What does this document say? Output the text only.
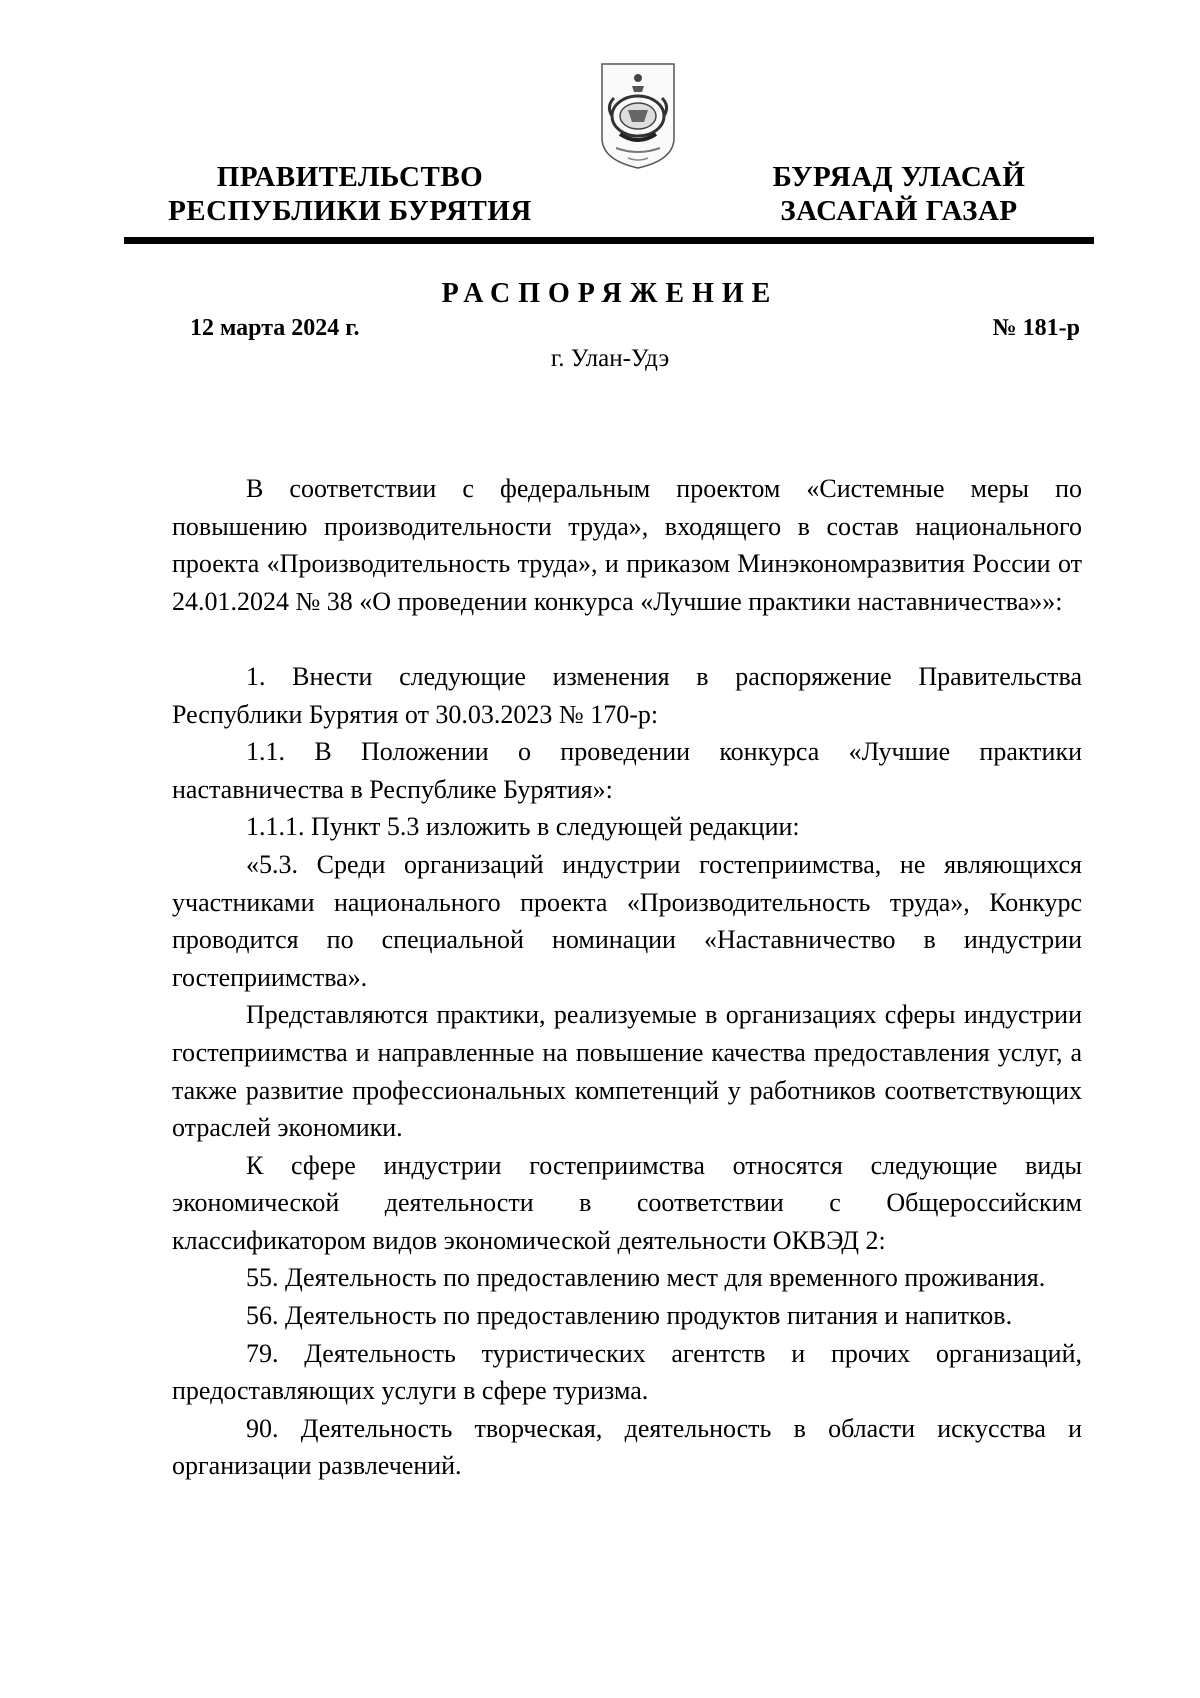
ПРАВИТЕЛЬСТВО
РЕСПУБЛИКИ БУРЯТИЯ
БУРЯАД УЛАСАЙ
ЗАСАГАЙ ГАЗАР
РАСПОРЯЖЕНИЕ
12 марта 2024 г.	№ 181-р
г. Улан-Удэ

В соответствии с федеральным проектом «Системные меры по повышению производительности труда», входящего в состав национального проекта «Производительность труда», и приказом Минэкономразвития России от 24.01.2024 № 38 «О проведении конкурса «Лучшие практики наставничества»»:

1. Внести следующие изменения в распоряжение Правительства Республики Бурятия от 30.03.2023 № 170-р:

1.1. В Положении о проведении конкурса «Лучшие практики наставничества в Республике Бурятия»:

1.1.1. Пункт 5.3 изложить в следующей редакции:

«5.3. Среди организаций индустрии гостеприимства, не являющихся участниками национального проекта «Производительность труда», Конкурс проводится по специальной номинации «Наставничество в индустрии гостеприимства».

Представляются практики, реализуемые в организациях сферы индустрии гостеприимства и направленные на повышение качества предоставления услуг, а также развитие профессиональных компетенций у работников соответствующих отраслей экономики.

К сфере индустрии гостеприимства относятся следующие виды экономической деятельности в соответствии с Общероссийским классификатором видов экономической деятельности ОКВЭД 2:

55. Деятельность по предоставлению мест для временного проживания.

56. Деятельность по предоставлению продуктов питания и напитков.

79. Деятельность туристических агентств и прочих организаций, предоставляющих услуги в сфере туризма.

90. Деятельность творческая, деятельность в области искусства и организации развлечений.
